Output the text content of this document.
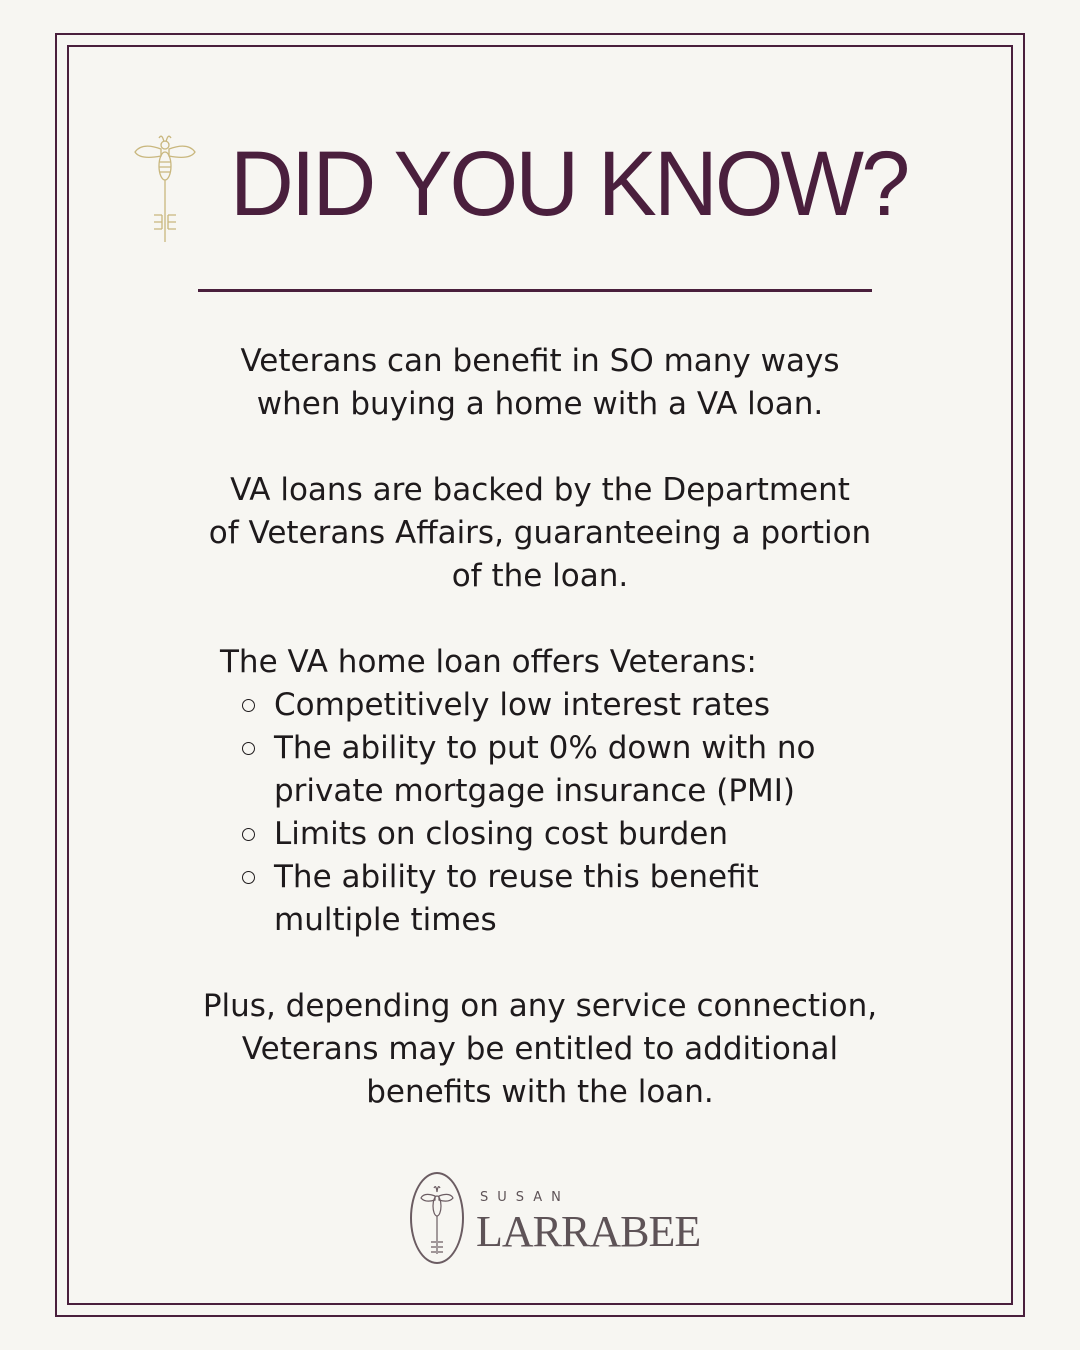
DID YOU KNOW?

Veterans can benefit in SO many ways
when buying a home with a VA loan.

VA loans are backed by the Department
of Veterans Affairs, guaranteeing a portion
of the loan.

The VA home loan offers Veterans:

Competitively low interest rates
The ability to put 0% down with no
private mortgage insurance (PMI)
Limits on closing cost burden
The ability to reuse this benefit
multiple times

Plus, depending on any service connection,
Veterans may be entitled to additional
benefits with the loan.

SUSAN
LARRABEE
